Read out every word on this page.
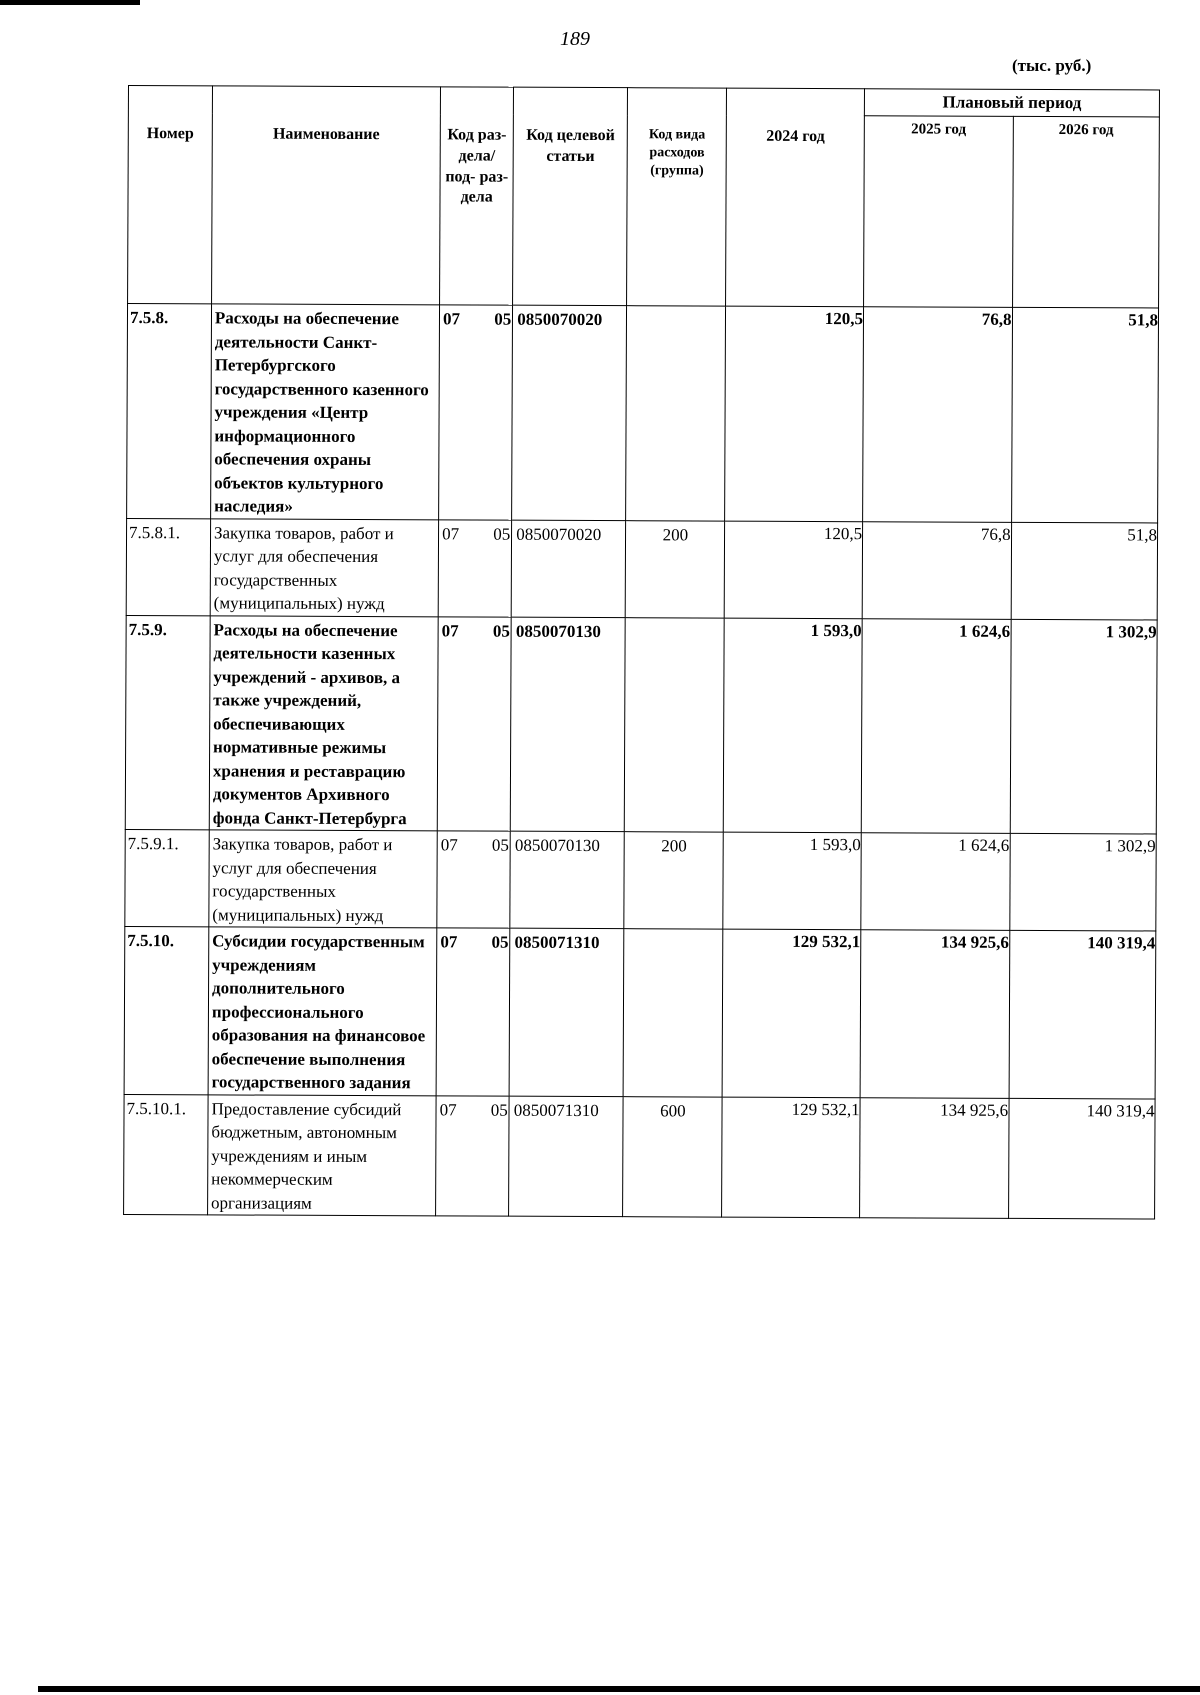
189
(тыс. руб.)
Номер	Наименование	Код раз- дела/ под- раз- дела	Код целевой статьи	Код вида расходов (группа)	2024 год	Плановый период	
						2025 год	2026 год
7.5.8.	Расходы на обеспечение деятельности Санкт-Петербургского государственного казенного учреждения «Центр информационного обеспечения охраны объектов культурного наследия»	07 05	0850070020		120,5	76,8	51,8
7.5.8.1.	Закупка товаров, работ и услуг для обеспечения государственных (муниципальных) нужд	07 05	0850070020	200	120,5	76,8	51,8
7.5.9.	Расходы на обеспечение деятельности казенных учреждений - архивов, а также учреждений, обеспечивающих нормативные режимы хранения и реставрацию документов Архивного фонда Санкт-Петербурга	07 05	0850070130		1 593,0	1 624,6	1 302,9
7.5.9.1.	Закупка товаров, работ и услуг для обеспечения государственных (муниципальных) нужд	07 05	0850070130	200	1 593,0	1 624,6	1 302,9
7.5.10.	Субсидии государственным учреждениям дополнительного профессионального образования на финансовое обеспечение выполнения государственного задания	07 05	0850071310		129 532,1	134 925,6	140 319,4
7.5.10.1.	Предоставление субсидий бюджетным, автономным учреждениям и иным некоммерческим организациям	07 05	0850071310	600	129 532,1	134 925,6	140 319,4
